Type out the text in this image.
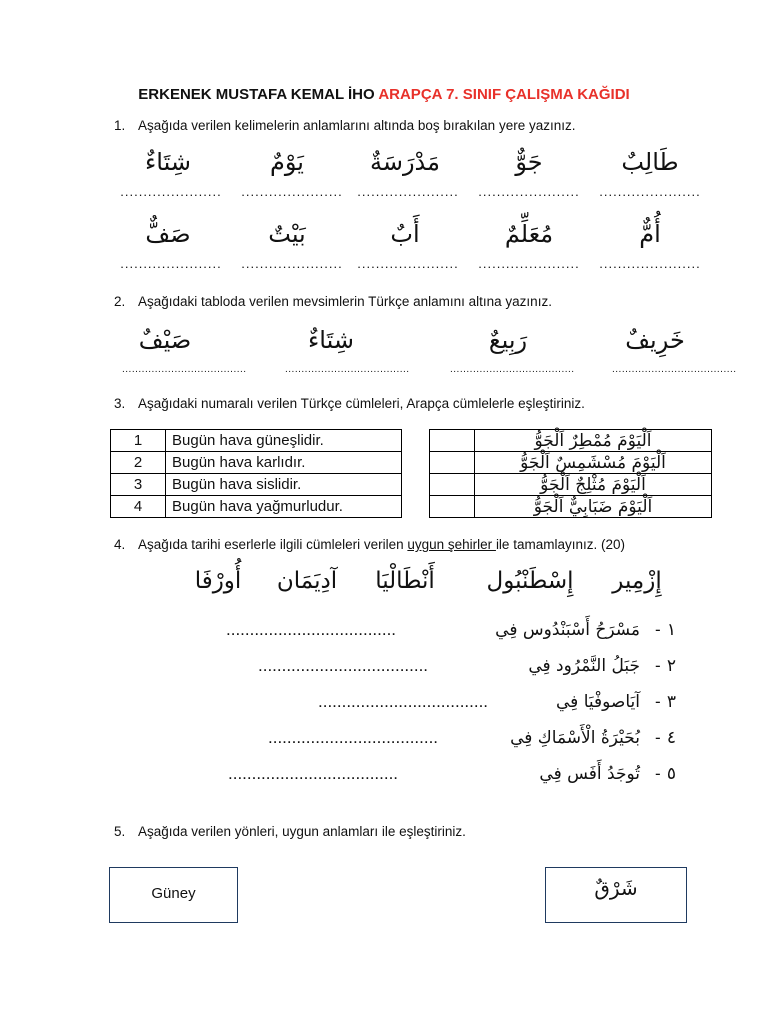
ERKENEK MUSTAFA KEMAL İHO ARAPÇA 7. SINIF ÇALIŞMA KAĞIDI
1. Aşağıda verilen kelimelerin anlamlarını altında boş bırakılan yere yazınız.
طَالِبٌ
جَوٌّ
مَدْرَسَةٌ
يَوْمٌ
شِتَاءٌ
......................
......................
......................
......................
......................
أُمٌّ
مُعَلِّمٌ
أَبٌ
بَيْتٌ
صَفٌّ
......................
......................
......................
......................
......................
2. Aşağıdaki tabloda verilen mevsimlerin Türkçe anlamını altına yazınız.
خَرِيفٌ
رَبِيعٌ
شِتَاءٌ
صَيْفٌ
......................................
......................................
......................................
......................................
3. Aşağıdaki numaralı verilen Türkçe cümleleri, Arapça cümlelerle eşleştiriniz.
1	Bugün hava güneşlidir.
2	Bugün hava karlıdır.
3	Bugün hava sislidir.
4	Bugün hava yağmurludur.
	اَلْيَوْمَ مُمْطِرٌ اَلْجَوُّ
	اَلْيَوْمَ مُسْشَمِسٌ اَلْجَوُّ
	اَلْيَوْمَ مُثْلِجٌ اَلْجَوُّ
	اَلْيَوْمَ ضَبَابِيٌّ اَلْجَوُّ
4. Aşağıda tarihi eserlerle ilgili cümleleri verilen uygun şehirler ile tamamlayınız. (20)
إِزْمِير
إِسْطَنْبُول
أَنْطَالْيَا
آدِيَمَان
أُورْفَا
١
-
مَسْرَحُ أَسْبَنْدُوس فِي
....................................
٢
-
جَبَلُ النَّمْرُود فِي
....................................
٣
-
آيَاصوفْيَا فِي
....................................
٤
-
بُحَيْرَةُ الْأَسْمَاكِ فِي
....................................
٥
-
تُوجَدُ أَفَس فِي
....................................
5. Aşağıda verilen yönleri, uygun anlamları ile eşleştiriniz.
Güney	شَرْقٌ
